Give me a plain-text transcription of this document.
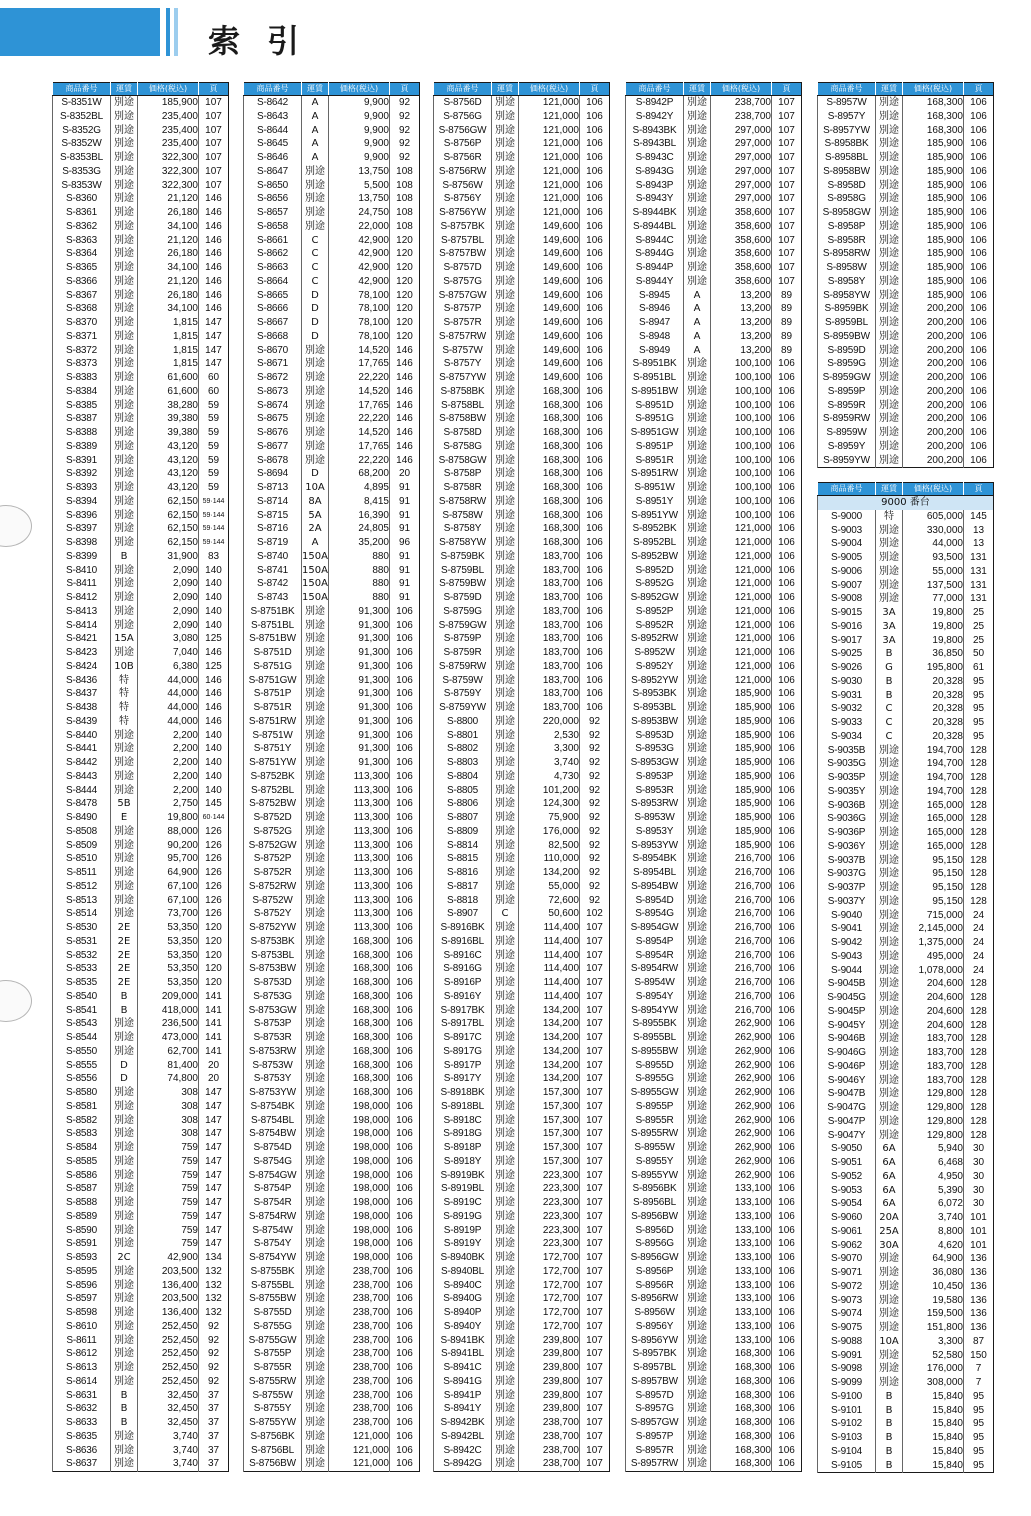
索 引
商品番号	運賃	価格(税込)	頁
S-8351W	別途	185,900	107
S-8352BL	別途	235,400	107
S-8352G	別途	235,400	107
S-8352W	別途	235,400	107
S-8353BL	別途	322,300	107
S-8353G	別途	322,300	107
S-8353W	別途	322,300	107
S-8360	別途	21,120	146
S-8361	別途	26,180	146
S-8362	別途	34,100	146
S-8363	別途	21,120	146
S-8364	別途	26,180	146
S-8365	別途	34,100	146
S-8366	別途	21,120	146
S-8367	別途	26,180	146
S-8368	別途	34,100	146
S-8370	別途	1,815	147
S-8371	別途	1,815	147
S-8372	別途	1,815	147
S-8373	別途	1,815	147
S-8383	別途	61,600	60
S-8384	別途	61,600	60
S-8385	別途	38,280	59
S-8387	別途	39,380	59
S-8388	別途	39,380	59
S-8389	別途	43,120	59
S-8391	別途	43,120	59
S-8392	別途	43,120	59
S-8393	別途	43,120	59
S-8394	別途	62,150	59·144
S-8396	別途	62,150	59·144
S-8397	別途	62,150	59·144
S-8398	別途	62,150	59·144
S-8399	B	31,900	83
S-8410	別途	2,090	140
S-8411	別途	2,090	140
S-8412	別途	2,090	140
S-8413	別途	2,090	140
S-8414	別途	2,090	140
S-8421	15A	3,080	125
S-8423	別途	7,040	146
S-8424	10B	6,380	125
S-8436	特	44,000	146
S-8437	特	44,000	146
S-8438	特	44,000	146
S-8439	特	44,000	146
S-8440	別途	2,200	140
S-8441	別途	2,200	140
S-8442	別途	2,200	140
S-8443	別途	2,200	140
S-8444	別途	2,200	140
S-8478	5B	2,750	145
S-8490	E	19,800	60·144
S-8508	別途	88,000	126
S-8509	別途	90,200	126
S-8510	別途	95,700	126
S-8511	別途	64,900	126
S-8512	別途	67,100	126
S-8513	別途	67,100	126
S-8514	別途	73,700	126
S-8530	2E	53,350	120
S-8531	2E	53,350	120
S-8532	2E	53,350	120
S-8533	2E	53,350	120
S-8535	2E	53,350	120
S-8540	B	209,000	141
S-8541	B	418,000	141
S-8543	別途	236,500	141
S-8544	別途	473,000	141
S-8550	別途	62,700	141
S-8555	D	81,400	20
S-8556	D	74,800	20
S-8580	別途	308	147
S-8581	別途	308	147
S-8582	別途	308	147
S-8583	別途	308	147
S-8584	別途	759	147
S-8585	別途	759	147
S-8586	別途	759	147
S-8587	別途	759	147
S-8588	別途	759	147
S-8589	別途	759	147
S-8590	別途	759	147
S-8591	別途	759	147
S-8593	2C	42,900	134
S-8595	別途	203,500	132
S-8596	別途	136,400	132
S-8597	別途	203,500	132
S-8598	別途	136,400	132
S-8610	別途	252,450	92
S-8611	別途	252,450	92
S-8612	別途	252,450	92
S-8613	別途	252,450	92
S-8614	別途	252,450	92
S-8631	B	32,450	37
S-8632	B	32,450	37
S-8633	B	32,450	37
S-8635	別途	3,740	37
S-8636	別途	3,740	37
S-8637	別途	3,740	37
商品番号	運賃	価格(税込)	頁
S-8642	A	9,900	92
S-8643	A	9,900	92
S-8644	A	9,900	92
S-8645	A	9,900	92
S-8646	A	9,900	92
S-8647	別途	13,750	108
S-8650	別途	5,500	108
S-8656	別途	13,750	108
S-8657	別途	24,750	108
S-8658	別途	22,000	108
S-8661	C	42,900	120
S-8662	C	42,900	120
S-8663	C	42,900	120
S-8664	C	42,900	120
S-8665	D	78,100	120
S-8666	D	78,100	120
S-8667	D	78,100	120
S-8668	D	78,100	120
S-8670	別途	14,520	146
S-8671	別途	17,765	146
S-8672	別途	22,220	146
S-8673	別途	14,520	146
S-8674	別途	17,765	146
S-8675	別途	22,220	146
S-8676	別途	14,520	146
S-8677	別途	17,765	146
S-8678	別途	22,220	146
S-8694	D	68,200	20
S-8713	10A	4,895	91
S-8714	8A	8,415	91
S-8715	5A	16,390	91
S-8716	2A	24,805	91
S-8719	A	35,200	96
S-8740	150A	880	91
S-8741	150A	880	91
S-8742	150A	880	91
S-8743	150A	880	91
S-8751BK	別途	91,300	106
S-8751BL	別途	91,300	106
S-8751BW	別途	91,300	106
S-8751D	別途	91,300	106
S-8751G	別途	91,300	106
S-8751GW	別途	91,300	106
S-8751P	別途	91,300	106
S-8751R	別途	91,300	106
S-8751RW	別途	91,300	106
S-8751W	別途	91,300	106
S-8751Y	別途	91,300	106
S-8751YW	別途	91,300	106
S-8752BK	別途	113,300	106
S-8752BL	別途	113,300	106
S-8752BW	別途	113,300	106
S-8752D	別途	113,300	106
S-8752G	別途	113,300	106
S-8752GW	別途	113,300	106
S-8752P	別途	113,300	106
S-8752R	別途	113,300	106
S-8752RW	別途	113,300	106
S-8752W	別途	113,300	106
S-8752Y	別途	113,300	106
S-8752YW	別途	113,300	106
S-8753BK	別途	168,300	106
S-8753BL	別途	168,300	106
S-8753BW	別途	168,300	106
S-8753D	別途	168,300	106
S-8753G	別途	168,300	106
S-8753GW	別途	168,300	106
S-8753P	別途	168,300	106
S-8753R	別途	168,300	106
S-8753RW	別途	168,300	106
S-8753W	別途	168,300	106
S-8753Y	別途	168,300	106
S-8753YW	別途	168,300	106
S-8754BK	別途	198,000	106
S-8754BL	別途	198,000	106
S-8754BW	別途	198,000	106
S-8754D	別途	198,000	106
S-8754G	別途	198,000	106
S-8754GW	別途	198,000	106
S-8754P	別途	198,000	106
S-8754R	別途	198,000	106
S-8754RW	別途	198,000	106
S-8754W	別途	198,000	106
S-8754Y	別途	198,000	106
S-8754YW	別途	198,000	106
S-8755BK	別途	238,700	106
S-8755BL	別途	238,700	106
S-8755BW	別途	238,700	106
S-8755D	別途	238,700	106
S-8755G	別途	238,700	106
S-8755GW	別途	238,700	106
S-8755P	別途	238,700	106
S-8755R	別途	238,700	106
S-8755RW	別途	238,700	106
S-8755W	別途	238,700	106
S-8755Y	別途	238,700	106
S-8755YW	別途	238,700	106
S-8756BK	別途	121,000	106
S-8756BL	別途	121,000	106
S-8756BW	別途	121,000	106
商品番号	運賃	価格(税込)	頁
S-8756D	別途	121,000	106
S-8756G	別途	121,000	106
S-8756GW	別途	121,000	106
S-8756P	別途	121,000	106
S-8756R	別途	121,000	106
S-8756RW	別途	121,000	106
S-8756W	別途	121,000	106
S-8756Y	別途	121,000	106
S-8756YW	別途	121,000	106
S-8757BK	別途	149,600	106
S-8757BL	別途	149,600	106
S-8757BW	別途	149,600	106
S-8757D	別途	149,600	106
S-8757G	別途	149,600	106
S-8757GW	別途	149,600	106
S-8757P	別途	149,600	106
S-8757R	別途	149,600	106
S-8757RW	別途	149,600	106
S-8757W	別途	149,600	106
S-8757Y	別途	149,600	106
S-8757YW	別途	149,600	106
S-8758BK	別途	168,300	106
S-8758BL	別途	168,300	106
S-8758BW	別途	168,300	106
S-8758D	別途	168,300	106
S-8758G	別途	168,300	106
S-8758GW	別途	168,300	106
S-8758P	別途	168,300	106
S-8758R	別途	168,300	106
S-8758RW	別途	168,300	106
S-8758W	別途	168,300	106
S-8758Y	別途	168,300	106
S-8758YW	別途	168,300	106
S-8759BK	別途	183,700	106
S-8759BL	別途	183,700	106
S-8759BW	別途	183,700	106
S-8759D	別途	183,700	106
S-8759G	別途	183,700	106
S-8759GW	別途	183,700	106
S-8759P	別途	183,700	106
S-8759R	別途	183,700	106
S-8759RW	別途	183,700	106
S-8759W	別途	183,700	106
S-8759Y	別途	183,700	106
S-8759YW	別途	183,700	106
S-8800	別途	220,000	92
S-8801	別途	2,530	92
S-8802	別途	3,300	92
S-8803	別途	3,740	92
S-8804	別途	4,730	92
S-8805	別途	101,200	92
S-8806	別途	124,300	92
S-8807	別途	75,900	92
S-8809	別途	176,000	92
S-8814	別途	82,500	92
S-8815	別途	110,000	92
S-8816	別途	134,200	92
S-8817	別途	55,000	92
S-8818	別途	72,600	92
S-8907	C	50,600	102
S-8916BK	別途	114,400	107
S-8916BL	別途	114,400	107
S-8916C	別途	114,400	107
S-8916G	別途	114,400	107
S-8916P	別途	114,400	107
S-8916Y	別途	114,400	107
S-8917BK	別途	134,200	107
S-8917BL	別途	134,200	107
S-8917C	別途	134,200	107
S-8917G	別途	134,200	107
S-8917P	別途	134,200	107
S-8917Y	別途	134,200	107
S-8918BK	別途	157,300	107
S-8918BL	別途	157,300	107
S-8918C	別途	157,300	107
S-8918G	別途	157,300	107
S-8918P	別途	157,300	107
S-8918Y	別途	157,300	107
S-8919BK	別途	223,300	107
S-8919BL	別途	223,300	107
S-8919C	別途	223,300	107
S-8919G	別途	223,300	107
S-8919P	別途	223,300	107
S-8919Y	別途	223,300	107
S-8940BK	別途	172,700	107
S-8940BL	別途	172,700	107
S-8940C	別途	172,700	107
S-8940G	別途	172,700	107
S-8940P	別途	172,700	107
S-8940Y	別途	172,700	107
S-8941BK	別途	239,800	107
S-8941BL	別途	239,800	107
S-8941C	別途	239,800	107
S-8941G	別途	239,800	107
S-8941P	別途	239,800	107
S-8941Y	別途	239,800	107
S-8942BK	別途	238,700	107
S-8942BL	別途	238,700	107
S-8942C	別途	238,700	107
S-8942G	別途	238,700	107
商品番号	運賃	価格(税込)	頁
S-8942P	別途	238,700	107
S-8942Y	別途	238,700	107
S-8943BK	別途	297,000	107
S-8943BL	別途	297,000	107
S-8943C	別途	297,000	107
S-8943G	別途	297,000	107
S-8943P	別途	297,000	107
S-8943Y	別途	297,000	107
S-8944BK	別途	358,600	107
S-8944BL	別途	358,600	107
S-8944C	別途	358,600	107
S-8944G	別途	358,600	107
S-8944P	別途	358,600	107
S-8944Y	別途	358,600	107
S-8945	A	13,200	89
S-8946	A	13,200	89
S-8947	A	13,200	89
S-8948	A	13,200	89
S-8949	A	13,200	89
S-8951BK	別途	100,100	106
S-8951BL	別途	100,100	106
S-8951BW	別途	100,100	106
S-8951D	別途	100,100	106
S-8951G	別途	100,100	106
S-8951GW	別途	100,100	106
S-8951P	別途	100,100	106
S-8951R	別途	100,100	106
S-8951RW	別途	100,100	106
S-8951W	別途	100,100	106
S-8951Y	別途	100,100	106
S-8951YW	別途	100,100	106
S-8952BK	別途	121,000	106
S-8952BL	別途	121,000	106
S-8952BW	別途	121,000	106
S-8952D	別途	121,000	106
S-8952G	別途	121,000	106
S-8952GW	別途	121,000	106
S-8952P	別途	121,000	106
S-8952R	別途	121,000	106
S-8952RW	別途	121,000	106
S-8952W	別途	121,000	106
S-8952Y	別途	121,000	106
S-8952YW	別途	121,000	106
S-8953BK	別途	185,900	106
S-8953BL	別途	185,900	106
S-8953BW	別途	185,900	106
S-8953D	別途	185,900	106
S-8953G	別途	185,900	106
S-8953GW	別途	185,900	106
S-8953P	別途	185,900	106
S-8953R	別途	185,900	106
S-8953RW	別途	185,900	106
S-8953W	別途	185,900	106
S-8953Y	別途	185,900	106
S-8953YW	別途	185,900	106
S-8954BK	別途	216,700	106
S-8954BL	別途	216,700	106
S-8954BW	別途	216,700	106
S-8954D	別途	216,700	106
S-8954G	別途	216,700	106
S-8954GW	別途	216,700	106
S-8954P	別途	216,700	106
S-8954R	別途	216,700	106
S-8954RW	別途	216,700	106
S-8954W	別途	216,700	106
S-8954Y	別途	216,700	106
S-8954YW	別途	216,700	106
S-8955BK	別途	262,900	106
S-8955BL	別途	262,900	106
S-8955BW	別途	262,900	106
S-8955D	別途	262,900	106
S-8955G	別途	262,900	106
S-8955GW	別途	262,900	106
S-8955P	別途	262,900	106
S-8955R	別途	262,900	106
S-8955RW	別途	262,900	106
S-8955W	別途	262,900	106
S-8955Y	別途	262,900	106
S-8955YW	別途	262,900	106
S-8956BK	別途	133,100	106
S-8956BL	別途	133,100	106
S-8956BW	別途	133,100	106
S-8956D	別途	133,100	106
S-8956G	別途	133,100	106
S-8956GW	別途	133,100	106
S-8956P	別途	133,100	106
S-8956R	別途	133,100	106
S-8956RW	別途	133,100	106
S-8956W	別途	133,100	106
S-8956Y	別途	133,100	106
S-8956YW	別途	133,100	106
S-8957BK	別途	168,300	106
S-8957BL	別途	168,300	106
S-8957BW	別途	168,300	106
S-8957D	別途	168,300	106
S-8957G	別途	168,300	106
S-8957GW	別途	168,300	106
S-8957P	別途	168,300	106
S-8957R	別途	168,300	106
S-8957RW	別途	168,300	106
商品番号	運賃	価格(税込)	頁
S-8957W	別途	168,300	106
S-8957Y	別途	168,300	106
S-8957YW	別途	168,300	106
S-8958BK	別途	185,900	106
S-8958BL	別途	185,900	106
S-8958BW	別途	185,900	106
S-8958D	別途	185,900	106
S-8958G	別途	185,900	106
S-8958GW	別途	185,900	106
S-8958P	別途	185,900	106
S-8958R	別途	185,900	106
S-8958RW	別途	185,900	106
S-8958W	別途	185,900	106
S-8958Y	別途	185,900	106
S-8958YW	別途	185,900	106
S-8959BK	別途	200,200	106
S-8959BL	別途	200,200	106
S-8959BW	別途	200,200	106
S-8959D	別途	200,200	106
S-8959G	別途	200,200	106
S-8959GW	別途	200,200	106
S-8959P	別途	200,200	106
S-8959R	別途	200,200	106
S-8959RW	別途	200,200	106
S-8959W	別途	200,200	106
S-8959Y	別途	200,200	106
S-8959YW	別途	200,200	106
商品番号	運賃	価格(税込)	頁
9000 番台			
S-9000	特	605,000	145
S-9003	別途	330,000	13
S-9004	別途	44,000	13
S-9005	別途	93,500	131
S-9006	別途	55,000	131
S-9007	別途	137,500	131
S-9008	別途	77,000	131
S-9015	3A	19,800	25
S-9016	3A	19,800	25
S-9017	3A	19,800	25
S-9025	B	36,850	50
S-9026	G	195,800	61
S-9030	B	20,328	95
S-9031	B	20,328	95
S-9032	C	20,328	95
S-9033	C	20,328	95
S-9034	C	20,328	95
S-9035B	別途	194,700	128
S-9035G	別途	194,700	128
S-9035P	別途	194,700	128
S-9035Y	別途	194,700	128
S-9036B	別途	165,000	128
S-9036G	別途	165,000	128
S-9036P	別途	165,000	128
S-9036Y	別途	165,000	128
S-9037B	別途	95,150	128
S-9037G	別途	95,150	128
S-9037P	別途	95,150	128
S-9037Y	別途	95,150	128
S-9040	別途	715,000	24
S-9041	別途	2,145,000	24
S-9042	別途	1,375,000	24
S-9043	別途	495,000	24
S-9044	別途	1,078,000	24
S-9045B	別途	204,600	128
S-9045G	別途	204,600	128
S-9045P	別途	204,600	128
S-9045Y	別途	204,600	128
S-9046B	別途	183,700	128
S-9046G	別途	183,700	128
S-9046P	別途	183,700	128
S-9046Y	別途	183,700	128
S-9047B	別途	129,800	128
S-9047G	別途	129,800	128
S-9047P	別途	129,800	128
S-9047Y	別途	129,800	128
S-9050	6A	5,940	30
S-9051	6A	6,468	30
S-9052	6A	4,950	30
S-9053	6A	5,390	30
S-9054	6A	6,072	30
S-9060	20A	3,740	101
S-9061	25A	8,800	101
S-9062	30A	4,620	101
S-9070	別途	64,900	136
S-9071	別途	36,080	136
S-9072	別途	10,450	136
S-9073	別途	19,580	136
S-9074	別途	159,500	136
S-9075	別途	151,800	136
S-9088	10A	3,300	87
S-9091	別途	52,580	150
S-9098	別途	176,000	7
S-9099	別途	308,000	7
S-9100	B	15,840	95
S-9101	B	15,840	95
S-9102	B	15,840	95
S-9103	B	15,840	95
S-9104	B	15,840	95
S-9105	B	15,840	95
